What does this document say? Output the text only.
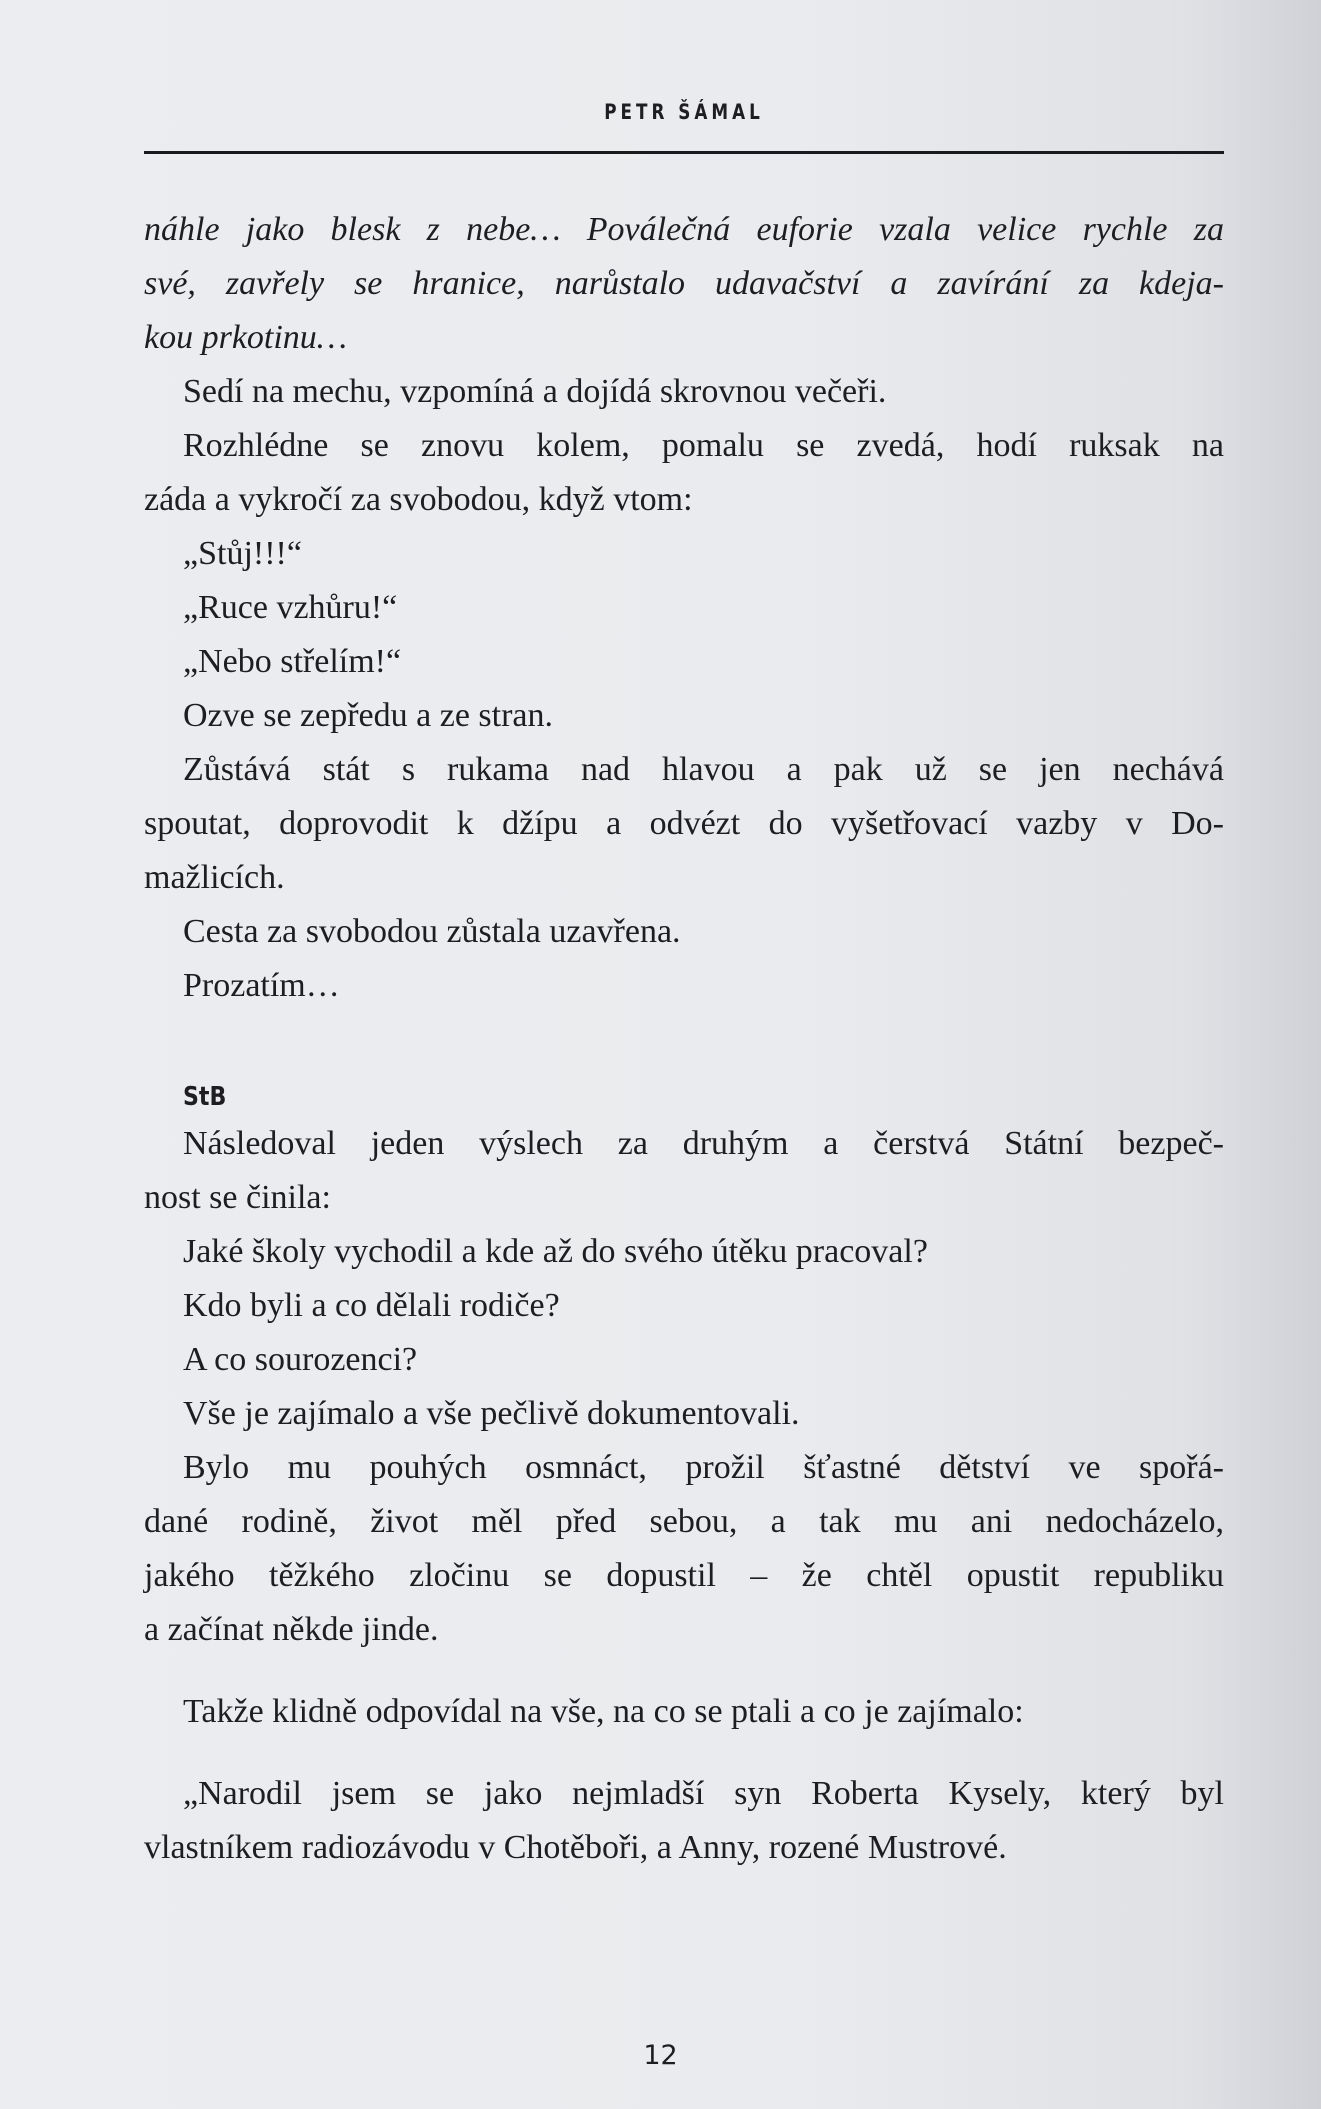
PETR ŠÁMAL

náhle jako blesk z nebe… Poválečná euforie vzala velice rychle za

své, zavřely se hranice, narůstalo udavačství a zavírání za kdeja-

kou prkotinu…

Sedí na mechu, vzpomíná a dojídá skrovnou večeři.

Rozhlédne se znovu kolem, pomalu se zvedá, hodí ruksak na

záda a vykročí za svobodou, když vtom:

„Stůj!!!“

„Ruce vzhůru!“

„Nebo střelím!“

Ozve se zepředu a ze stran.

Zůstává stát s rukama nad hlavou a pak už se jen nechává

spoutat, doprovodit k džípu a odvézt do vyšetřovací vazby v Do-

mažlicích.

Cesta za svobodou zůstala uzavřena.

Prozatím…

StB

Následoval jeden výslech za druhým a čerstvá Státní bezpeč-

nost se činila:

Jaké školy vychodil a kde až do svého útěku pracoval?

Kdo byli a co dělali rodiče?

A co sourozenci?

Vše je zajímalo a vše pečlivě dokumentovali.

Bylo mu pouhých osmnáct, prožil šťastné dětství ve spořá-

dané rodině, život měl před sebou, a tak mu ani nedocházelo,

jakého těžkého zločinu se dopustil – že chtěl opustit republiku

a začínat někde jinde.

Takže klidně odpovídal na vše, na co se ptali a co je zajímalo:

„Narodil jsem se jako nejmladší syn Roberta Kysely, který byl

vlastníkem radiozávodu v Chotěboři, a Anny, rozené Mustrové.

12
